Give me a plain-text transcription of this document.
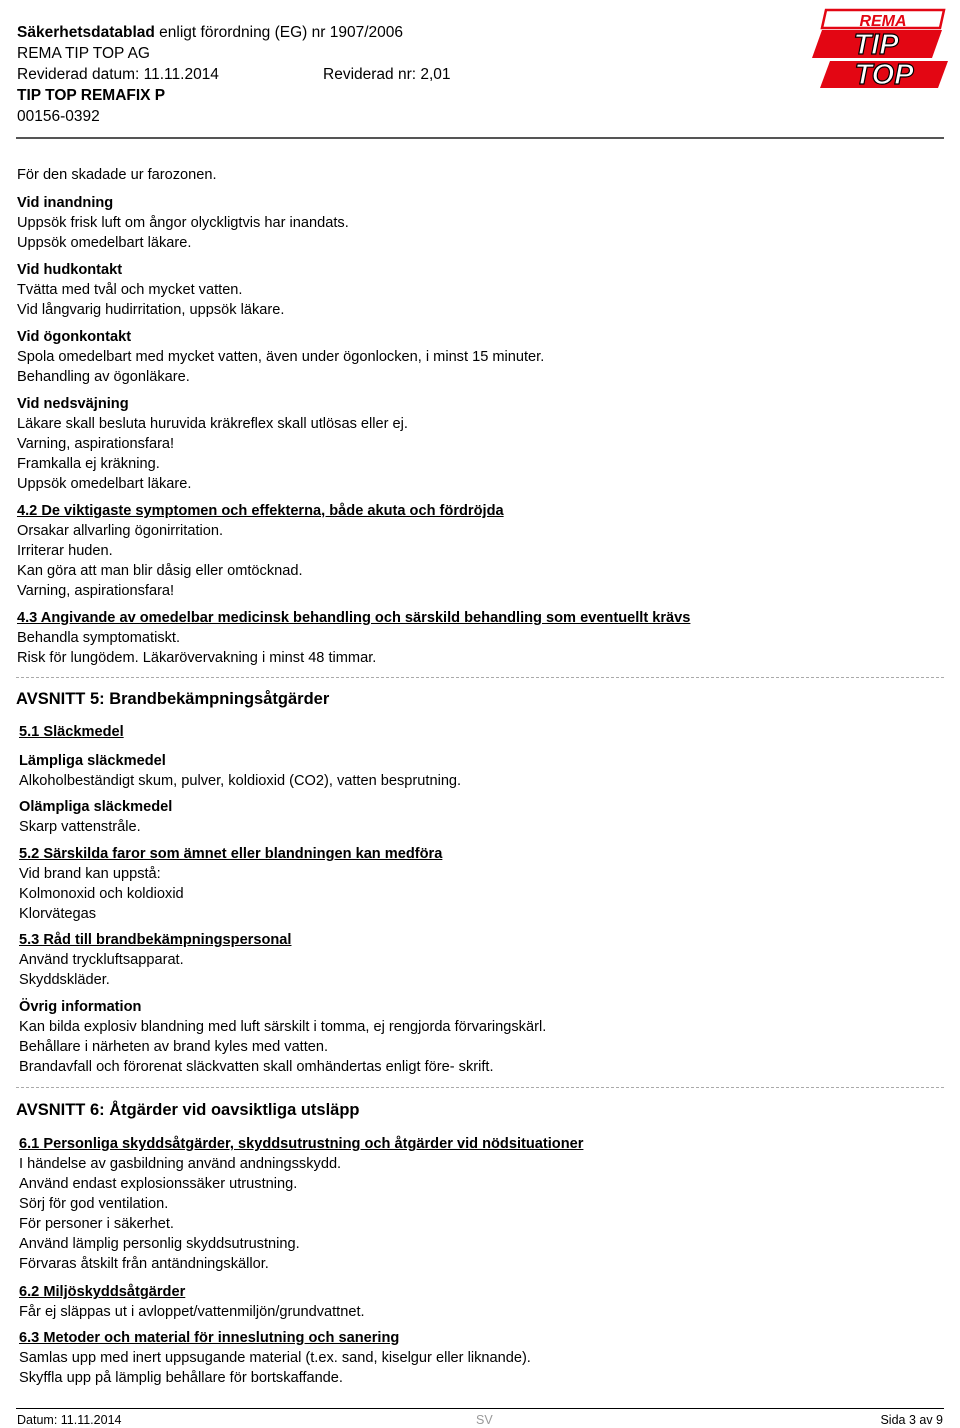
Säkerhetsdatablad enligt förordning (EG) nr 1907/2006
REMA TIP TOP AG
Reviderad datum: 11.11.2014	Reviderad nr: 2,01
TIP TOP REMAFIX P
00156-0392
REMA
TIP
TOP
För den skadade ur farozonen.
Vid inandning
Uppsök frisk luft om ångor olyckligtvis har inandats.
Uppsök omedelbart läkare.
Vid hudkontakt
Tvätta med tvål och mycket vatten.
Vid långvarig hudirritation, uppsök läkare.
Vid ögonkontakt
Spola omedelbart med mycket vatten, även under ögonlocken, i minst 15 minuter.
Behandling av ögonläkare.
Vid nedsväjning
Läkare skall besluta huruvida kräkreflex skall utlösas eller ej.
Varning, aspirationsfara!
Framkalla ej kräkning.
Uppsök omedelbart läkare.
4.2 De viktigaste symptomen och effekterna, både akuta och fördröjda
Orsakar allvarling ögonirritation.
Irriterar huden.
Kan göra att man blir dåsig eller omtöcknad.
Varning, aspirationsfara!
4.3 Angivande av omedelbar medicinsk behandling och särskild behandling som eventuellt krävs
Behandla symptomatiskt.
Risk för lungödem. Läkarövervakning i minst 48 timmar.
AVSNITT 5: Brandbekämpningsåtgärder
5.1 Släckmedel
Lämpliga släckmedel
Alkoholbeständigt skum, pulver, koldioxid (CO2), vatten besprutning.
Olämpliga släckmedel
Skarp vattenstråle.
5.2 Särskilda faror som ämnet eller blandningen kan medföra
Vid brand kan uppstå:
Kolmonoxid och koldioxid
Klorvätegas
5.3 Råd till brandbekämpningspersonal
Använd tryckluftsapparat.
Skyddskläder.
Övrig information
Kan bilda explosiv blandning med luft särskilt i tomma, ej rengjorda förvaringskärl.
Behållare i närheten av brand kyles med vatten.
Brandavfall och förorenat släckvatten skall omhändertas enligt före- skrift.
AVSNITT 6: Åtgärder vid oavsiktliga utsläpp
6.1 Personliga skyddsåtgärder, skyddsutrustning och åtgärder vid nödsituationer
I händelse av gasbildning använd andningsskydd.
Använd endast explosionssäker utrustning.
Sörj för god ventilation.
För personer i säkerhet.
Använd lämplig personlig skyddsutrustning.
Förvaras åtskilt från antändningskällor.
6.2 Miljöskyddsåtgärder
Får ej släppas ut i avloppet/vattenmiljön/grundvattnet.
6.3 Metoder och material för inneslutning och sanering
Samlas upp med inert uppsugande material (t.ex. sand, kiselgur eller liknande).
Skyffla upp på lämplig behållare för bortskaffande.
Datum: 11.11.2014	SV	Sida 3 av 9
